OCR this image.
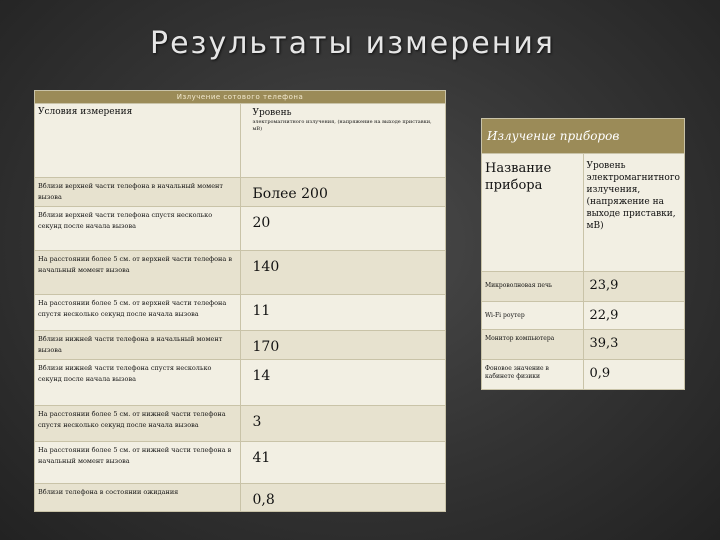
Результаты измерения
Излучение сотового телефона	
Условия измерения	Уровень
электромагнитного излучения, (напряжение на выходе приставки, мВ)
Вблизи верхней части телефона в начальный момент вызова	Более 200
Вблизи верхней части телефона спустя несколько секунд после начала вызова	20
На расстоянии более 5 см. от верхней части телефона в начальный момент вызова	140
На расстоянии более 5 см. от верхней части телефона спустя несколько секунд после начала вызова	11
Вблизи нижней части телефона в начальный момент вызова	170
Вблизи нижней части телефона спустя несколько секунд после начала вызова	14
На расстоянии более 5 см. от нижней части телефона спустя несколько секунд после начала вызова	3
На расстоянии более 5 см. от нижней части телефона в начальный момент вызова	41
Вблизи телефона в состоянии ожидания	0,8
Излучение приборов	
Название прибора	Уровень электромагнитного излучения, (напряжение на выходе приставки, мВ)
Микроволновая печь	23,9
Wi-Fi роутер	22,9
Монитор компьютера	39,3
Фоновое значение в кабинете физики	0,9
